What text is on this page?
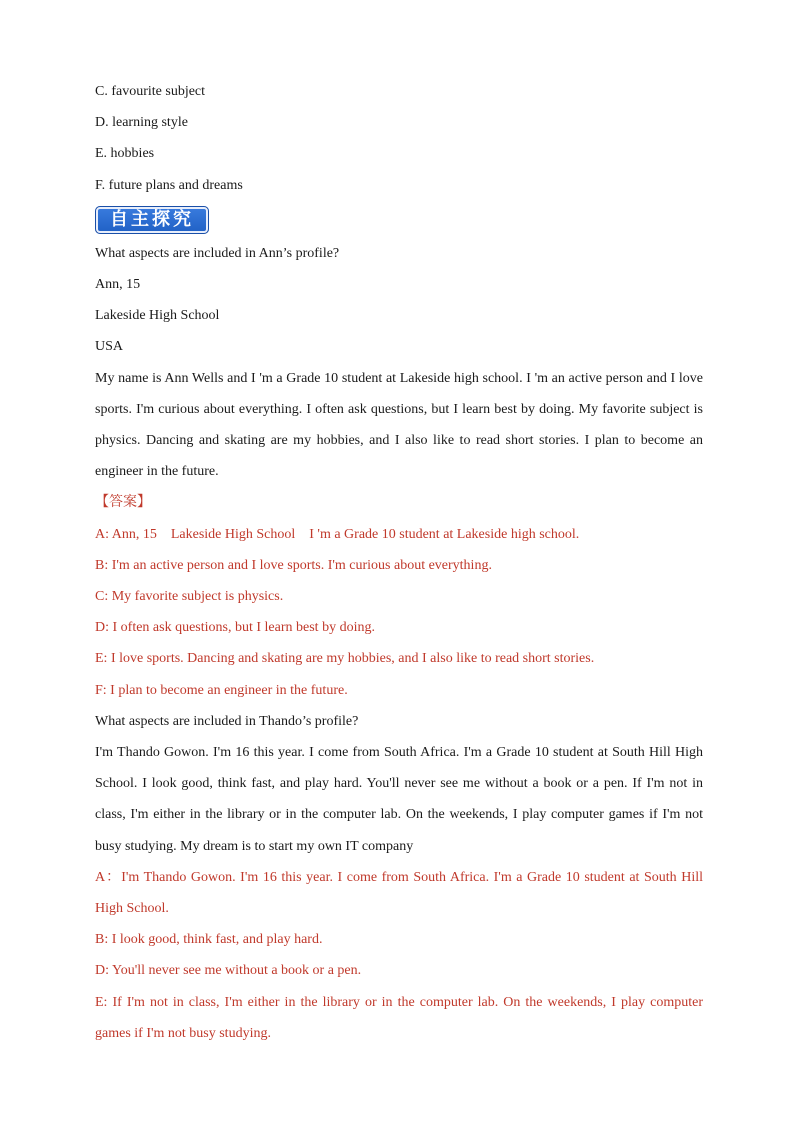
C. favourite subject

D. learning style

E. hobbies

F. future plans and dreams

自主探究

What aspects are included in Ann’s profile?

Ann, 15

Lakeside High School

USA

My name is Ann Wells and I 'm a Grade 10 student at Lakeside high school. I 'm an active person and I love sports. I'm curious about everything. I often ask questions, but I learn best by doing. My favorite subject is physics. Dancing and skating are my hobbies, and I also like to read short stories. I plan to become an engineer in the future.

【答案】

A: Ann, 15    Lakeside High School    I 'm a Grade 10 student at Lakeside high school.

B: I'm an active person and I love sports. I'm curious about everything.

C: My favorite subject is physics.

D: I often ask questions, but I learn best by doing.

E: I love sports. Dancing and skating are my hobbies, and I also like to read short stories.

F: I plan to become an engineer in the future.

What aspects are included in Thando’s profile?

I'm Thando Gowon. I'm 16 this year. I come from South Africa. I'm a Grade 10 student at South Hill High School. I look good, think fast, and play hard. You'll never see me without a book or a pen. If I'm not in class, I'm either in the library or in the computer lab. On the weekends, I play computer games if I'm not busy studying. My dream is to start my own IT company

A：I'm Thando Gowon. I'm 16 this year. I come from South Africa. I'm a Grade 10 student at South Hill High School.

B: I look good, think fast, and play hard.

D: You'll never see me without a book or a pen.

E: If I'm not in class, I'm either in the library or in the computer lab. On the weekends, I play computer games if I'm not busy studying.
